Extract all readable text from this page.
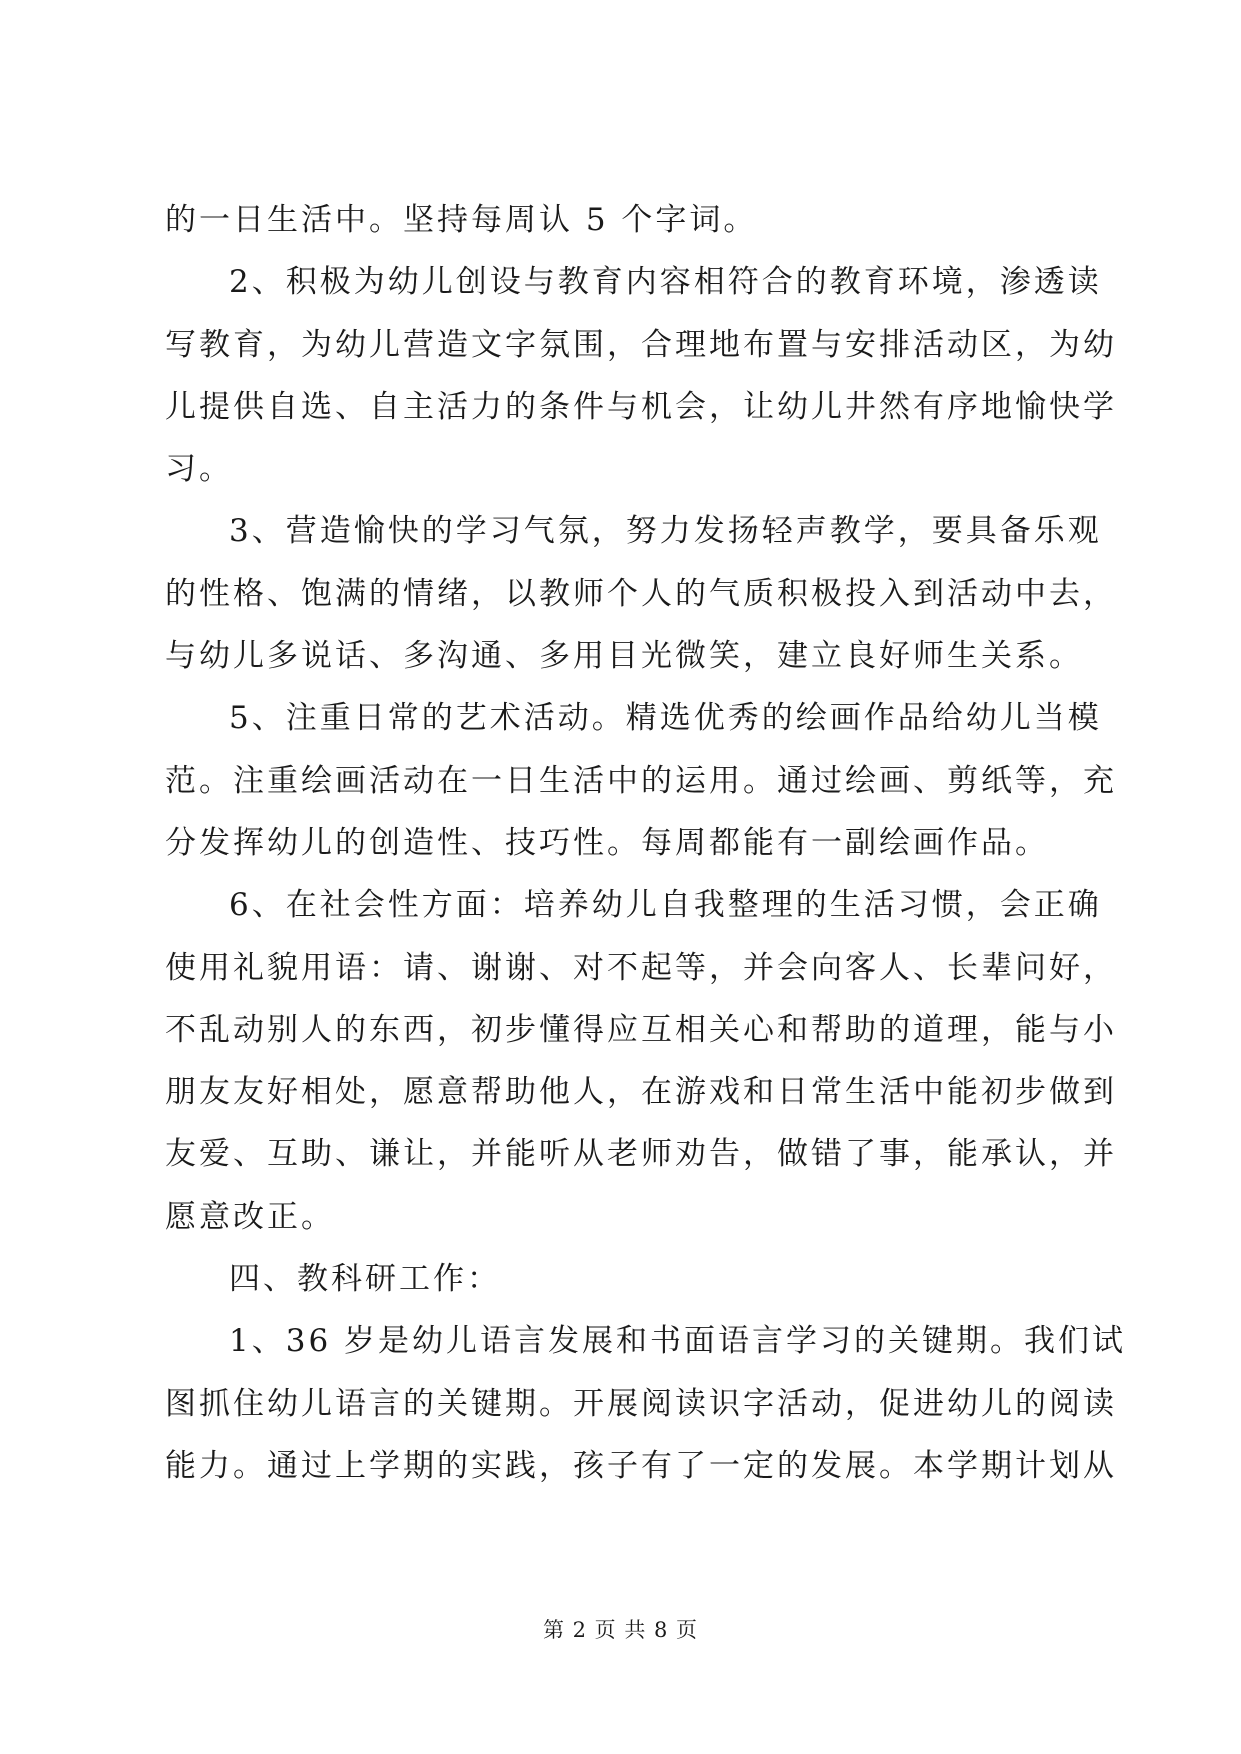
的一日生活中。坚持每周认 5 个字词。
2、积极为幼儿创设与教育内容相符合的教育环境，渗透读
写教育，为幼儿营造文字氛围，合理地布置与安排活动区，为幼
儿提供自选、自主活力的条件与机会，让幼儿井然有序地愉快学
习。
3、营造愉快的学习气氛，努力发扬轻声教学，要具备乐观
的性格、饱满的情绪，以教师个人的气质积极投入到活动中去，
与幼儿多说话、多沟通、多用目光微笑，建立良好师生关系。
5、注重日常的艺术活动。精选优秀的绘画作品给幼儿当模
范。注重绘画活动在一日生活中的运用。通过绘画、剪纸等，充
分发挥幼儿的创造性、技巧性。每周都能有一副绘画作品。
6、在社会性方面：培养幼儿自我整理的生活习惯，会正确
使用礼貌用语：请、谢谢、对不起等，并会向客人、长辈问好，
不乱动别人的东西，初步懂得应互相关心和帮助的道理，能与小
朋友友好相处，愿意帮助他人，在游戏和日常生活中能初步做到
友爱、互助、谦让，并能听从老师劝告，做错了事，能承认，并
愿意改正。
四、教科研工作：
1、36 岁是幼儿语言发展和书面语言学习的关键期。我们试
图抓住幼儿语言的关键期。开展阅读识字活动，促进幼儿的阅读
能力。通过上学期的实践，孩子有了一定的发展。本学期计划从
第 2 页 共 8 页
